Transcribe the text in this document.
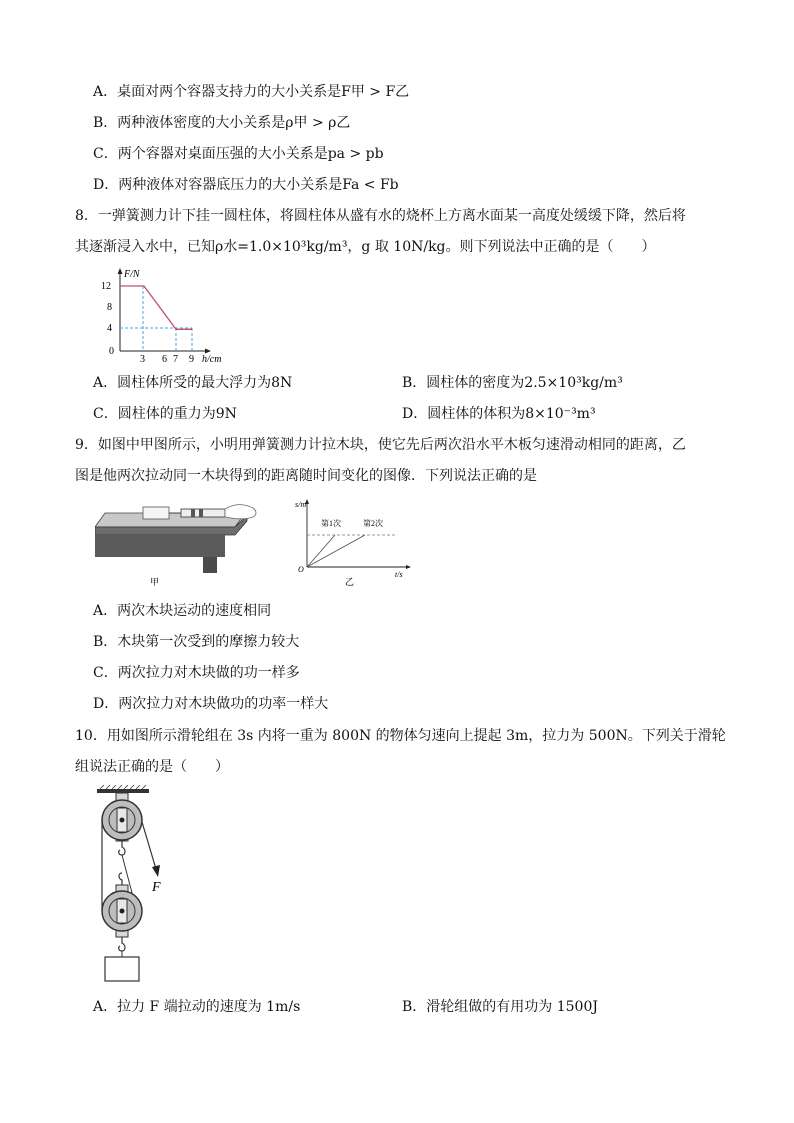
A．桌面对两个容器支持力的大小关系是F甲 > F乙
B．两种液体密度的大小关系是ρ甲 > ρ乙
C．两个容器对桌面压强的大小关系是pa > pb
D．两种液体对容器底压力的大小关系是Fa < Fb
8．一弹簧测力计下挂一圆柱体，将圆柱体从盛有水的烧杯上方离水面某一高度处缓缓下降，然后将
其逐渐浸入水中，已知ρ水=1.0×10³kg/m³，g 取 10N/kg。则下列说法中正确的是（　　）
F/N
12
8
4
0
3 6 7 9 h/cm
A．圆柱体所受的最大浮力为8N	B．圆柱体的密度为2.5×10³kg/m³
C．圆柱体的重力为9N	D．圆柱体的体积为8×10⁻³m³
9．如图中甲图所示，小明用弹簧测力计拉木块，使它先后两次沿水平木板匀速滑动相同的距离，乙
图是他两次拉动同一木块得到的距离随时间变化的图像．下列说法正确的是
甲
s/m
第1次	第2次
O
t/s
乙
A．两次木块运动的速度相同
B．木块第一次受到的摩擦力较大
C．两次拉力对木块做的功一样多
D．两次拉力对木块做功的功率一样大
10．用如图所示滑轮组在 3s 内将一重为 800N 的物体匀速向上提起 3m，拉力为 500N。下列关于滑轮
组说法正确的是（　　）
F
A．拉力 F 端拉动的速度为 1m/s	B．滑轮组做的有用功为 1500J
